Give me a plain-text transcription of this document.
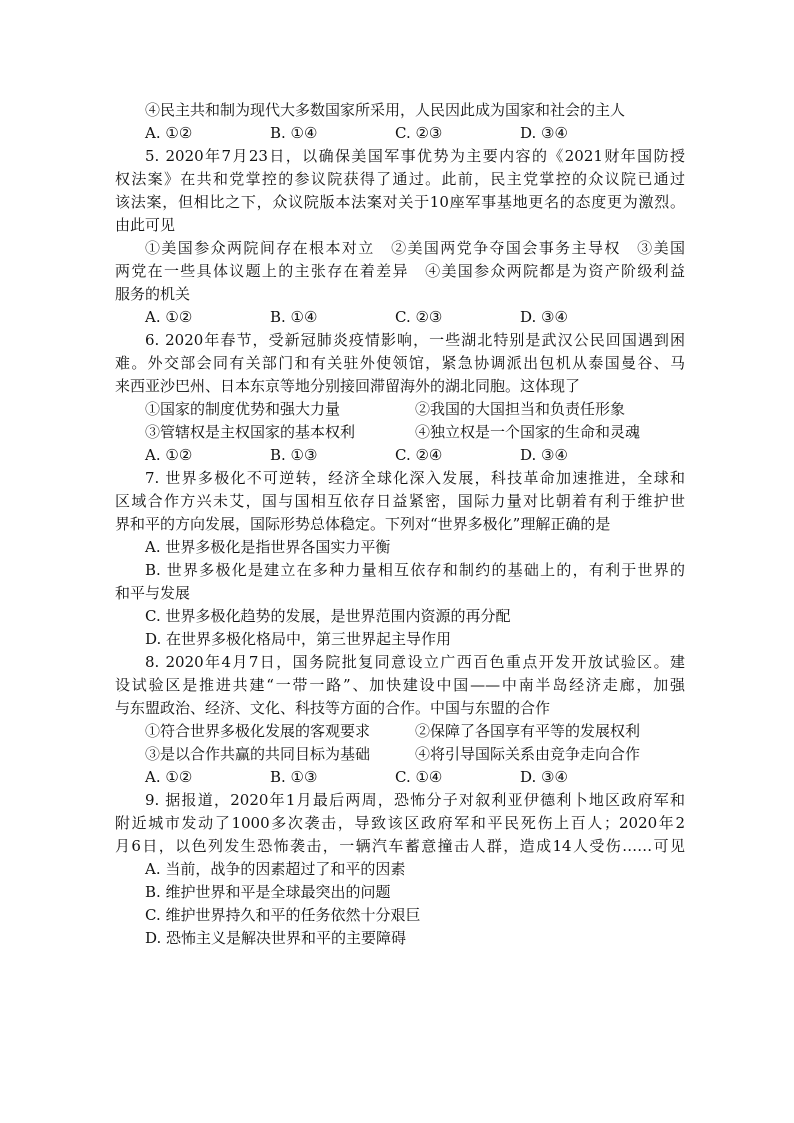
④民主共和制为现代大多数国家所采用，人民因此成为国家和社会的主人
A. ①②	B. ①④	C. ②③	D. ③④
5. 2020年7月23日，以确保美国军事优势为主要内容的《2021财年国防授
权法案》在共和党掌控的参议院获得了通过。此前，民主党掌控的众议院已通过
该法案，但相比之下，众议院版本法案对关于10座军事基地更名的态度更为激烈。
由此可见
①美国参众两院间存在根本对立　②美国两党争夺国会事务主导权　③美国
两党在一些具体议题上的主张存在着差异　④美国参众两院都是为资产阶级利益
服务的机关
A. ①②	B. ①④	C. ②③	D. ③④
6. 2020年春节，受新冠肺炎疫情影响，一些湖北特别是武汉公民回国遇到困
难。外交部会同有关部门和有关驻外使领馆，紧急协调派出包机从泰国曼谷、马
来西亚沙巴州、日本东京等地分别接回滞留海外的湖北同胞。这体现了
①国家的制度优势和强大力量	②我国的大国担当和负责任形象
③管辖权是主权国家的基本权利	④独立权是一个国家的生命和灵魂
A. ①②	B. ①③	C. ②④	D. ③④
7. 世界多极化不可逆转，经济全球化深入发展，科技革命加速推进，全球和
区域合作方兴未艾，国与国相互依存日益紧密，国际力量对比朝着有利于维护世
界和平的方向发展，国际形势总体稳定。下列对“世界多极化”理解正确的是
A. 世界多极化是指世界各国实力平衡
B. 世界多极化是建立在多种力量相互依存和制约的基础上的，有利于世界的
和平与发展
C. 世界多极化趋势的发展，是世界范围内资源的再分配
D. 在世界多极化格局中，第三世界起主导作用
8. 2020年4月7日，国务院批复同意设立广西百色重点开发开放试验区。建
设试验区是推进共建“一带一路”、加快建设中国——中南半岛经济走廊，加强
与东盟政治、经济、文化、科技等方面的合作。中国与东盟的合作
①符合世界多极化发展的客观要求	②保障了各国享有平等的发展权利
③是以合作共赢的共同目标为基础	④将引导国际关系由竞争走向合作
A. ①②	B. ①③	C. ①④	D. ③④
9. 据报道，2020年1月最后两周，恐怖分子对叙利亚伊德利卜地区政府军和
附近城市发动了1000多次袭击，导致该区政府军和平民死伤上百人；2020年2
月6日，以色列发生恐怖袭击，一辆汽车蓄意撞击人群，造成14人受伤……可见
A. 当前，战争的因素超过了和平的因素
B. 维护世界和平是全球最突出的问题
C. 维护世界持久和平的任务依然十分艰巨
D. 恐怖主义是解决世界和平的主要障碍
